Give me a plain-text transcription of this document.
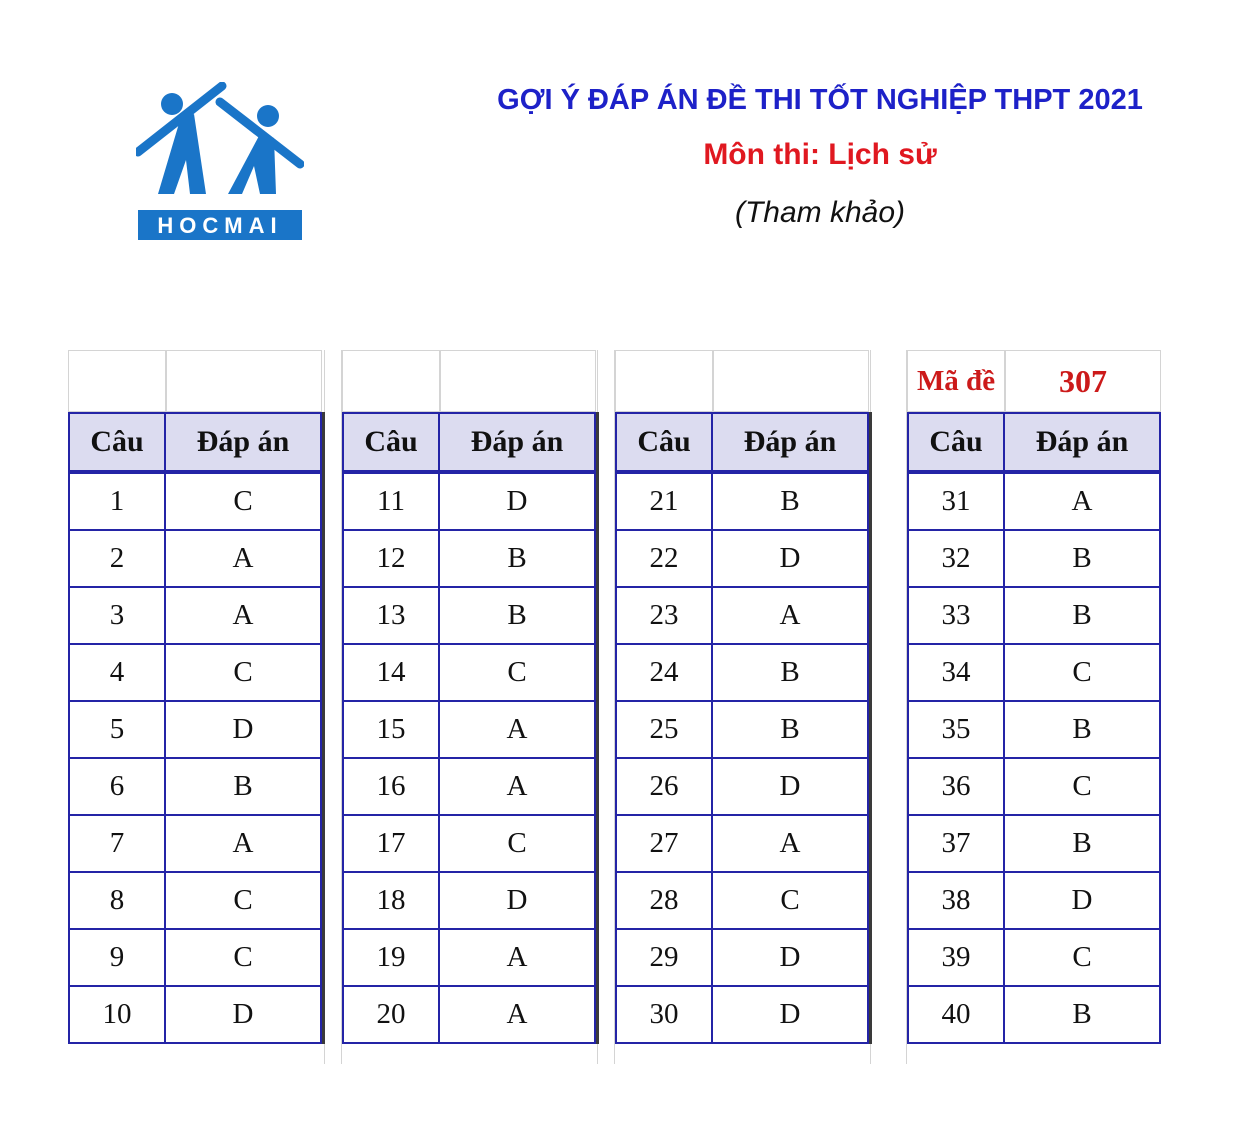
HOCMAI
GỢI Ý ĐÁP ÁN ĐỀ THI TỐT NGHIỆP THPT 2021
Môn thi: Lịch sử
(Tham khảo)
Câu	Đáp án
1	C
2	A
3	A
4	C
5	D
6	B
7	A
8	C
9	C
10	D
Câu	Đáp án
11	D
12	B
13	B
14	C
15	A
16	A
17	C
18	D
19	A
20	A
Câu	Đáp án
21	B
22	D
23	A
24	B
25	B
26	D
27	A
28	C
29	D
30	D
Mã đề	307
Câu	Đáp án
31	A
32	B
33	B
34	C
35	B
36	C
37	B
38	D
39	C
40	B
